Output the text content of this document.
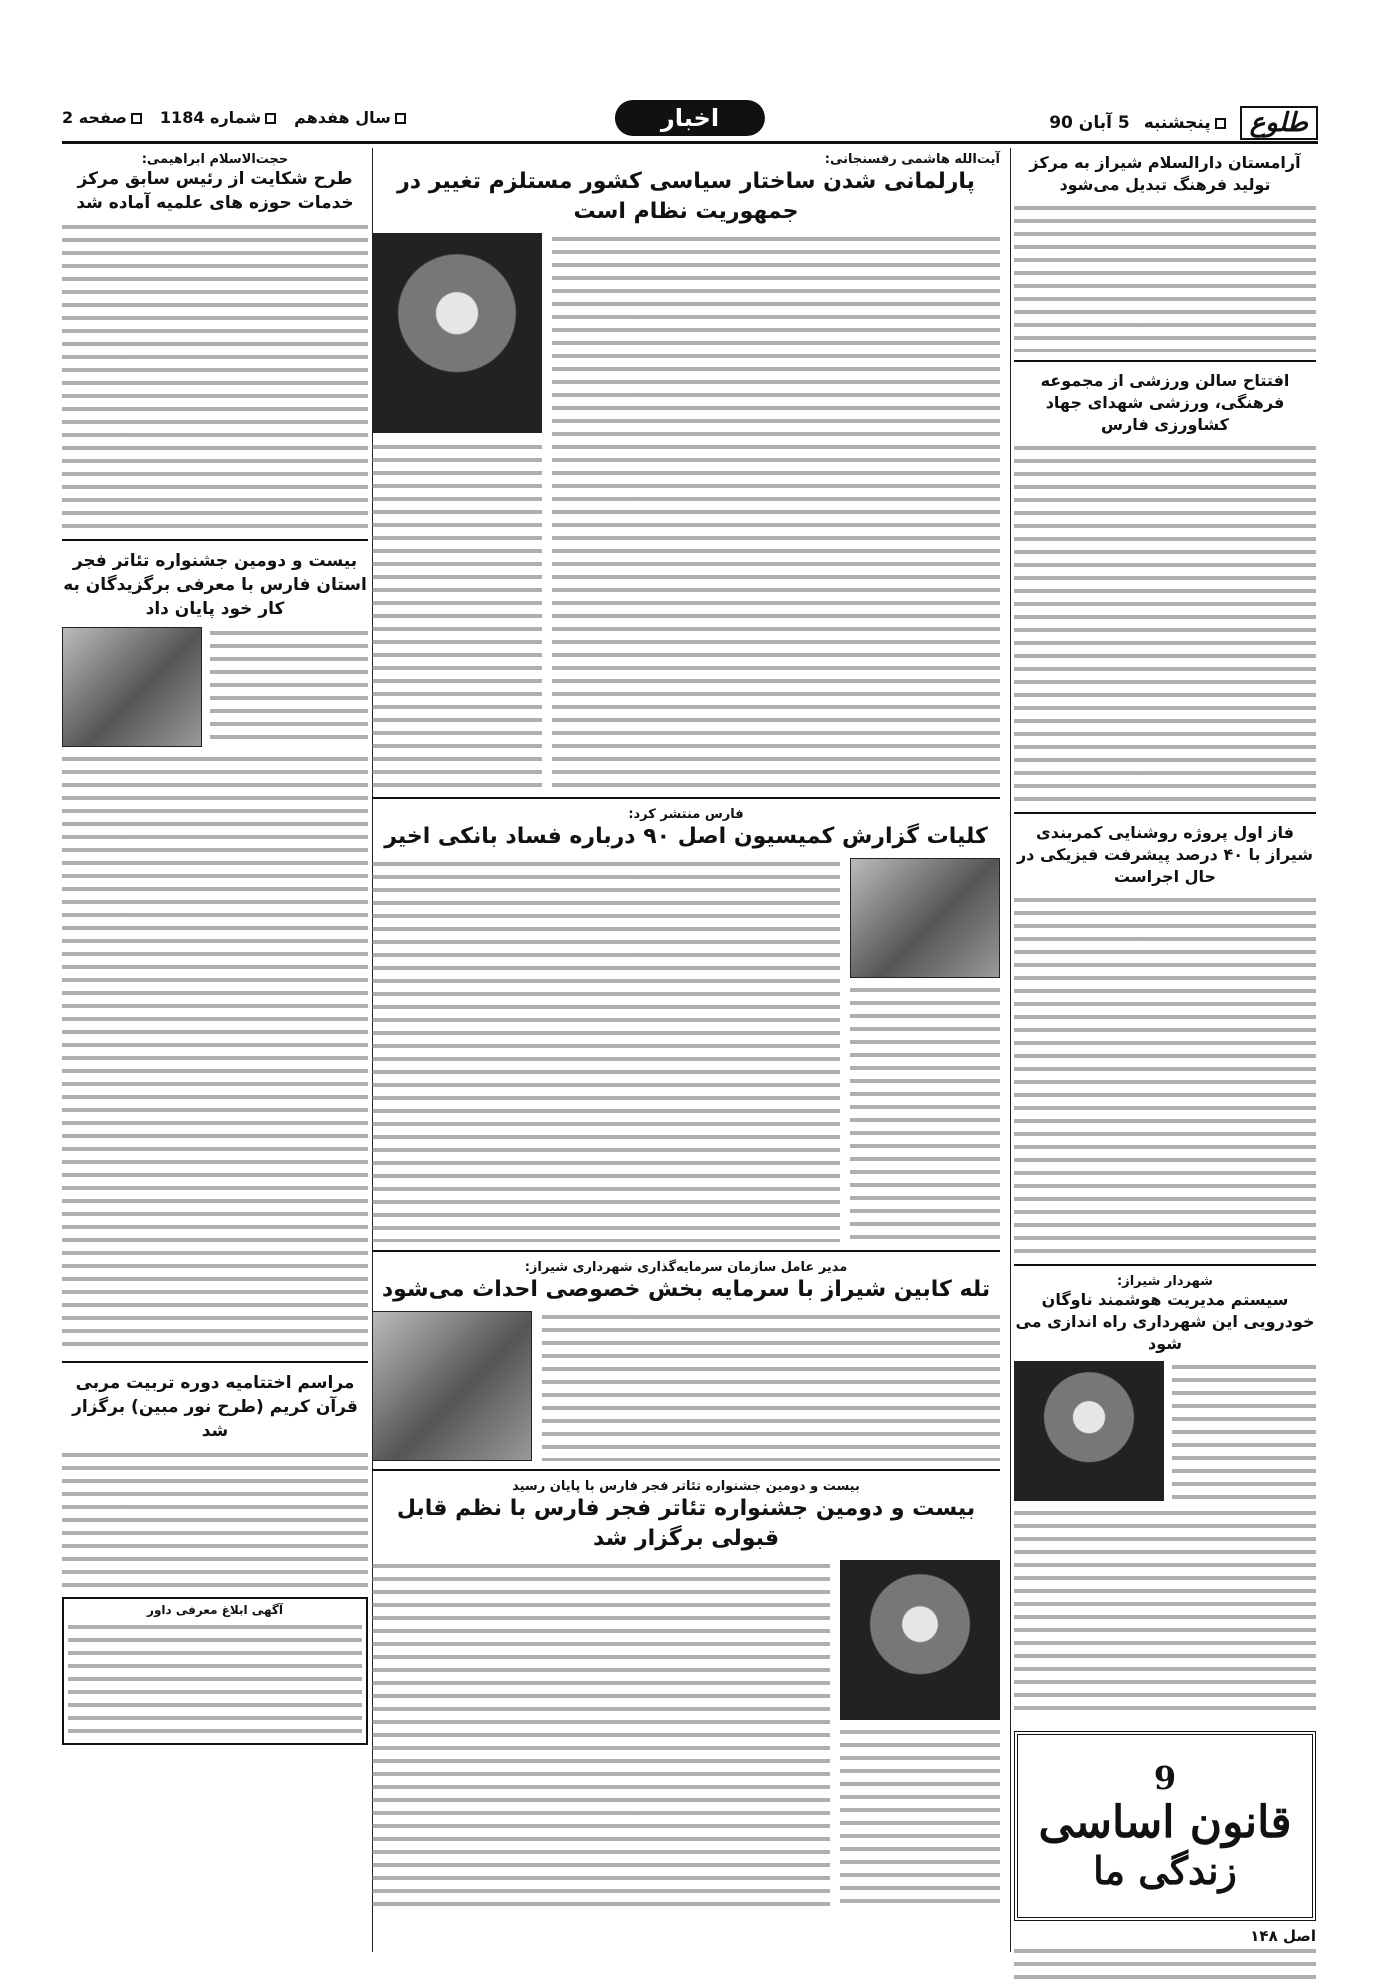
طلوع
پنجشنبه
5 آبان 90
اخبار
سال هفدهم
شماره 1184
صفحه 2
آرامستان دارالسلام شیراز به مرکز تولید فرهنگ تبدیل می‌شود
افتتاح سالن ورزشی از مجموعه فرهنگی، ورزشی شهدای جهاد کشاورزی فارس
فاز اول پروژه روشنایی کمربندی شیراز با ۴۰ درصد پیشرفت فیزیکی در حال اجراست
شهردار شیراز:
سیستم مدیریت هوشمند ناوگان خودرویی این شهرداری راه اندازی می شود
9
قانون اساسی
زندگی ما
اصل ۱۴۸
آیت‌الله هاشمی رفسنجانی:
پارلمانی شدن ساختار سیاسی کشور مستلزم تغییر در جمهوریت نظام است
فارس منتشر کرد:
کلیات گزارش کمیسیون اصل ۹۰ درباره فساد بانکی اخیر
مدیر عامل سازمان سرمایه‌گذاری شهرداری شیراز:
تله کابین شیراز با سرمایه بخش خصوصی احداث می‌شود
بیست و دومین جشنواره تئاتر فجر فارس با پایان رسید
بیست و دومین جشنواره تئاتر فجر فارس با نظم قابل قبولی برگزار شد
حجت‌الاسلام ابراهیمی:
طرح شکایت از رئیس سابق مرکز خدمات حوزه های علمیه آماده شد
بیست و دومین جشنواره تئاتر فجر استان فارس با معرفی برگزیدگان به کار خود پایان داد
مراسم اختتامیه دوره تربیت مربی قرآن کریم (طرح نور مبین) برگزار شد
آگهی ابلاغ معرفی داور
